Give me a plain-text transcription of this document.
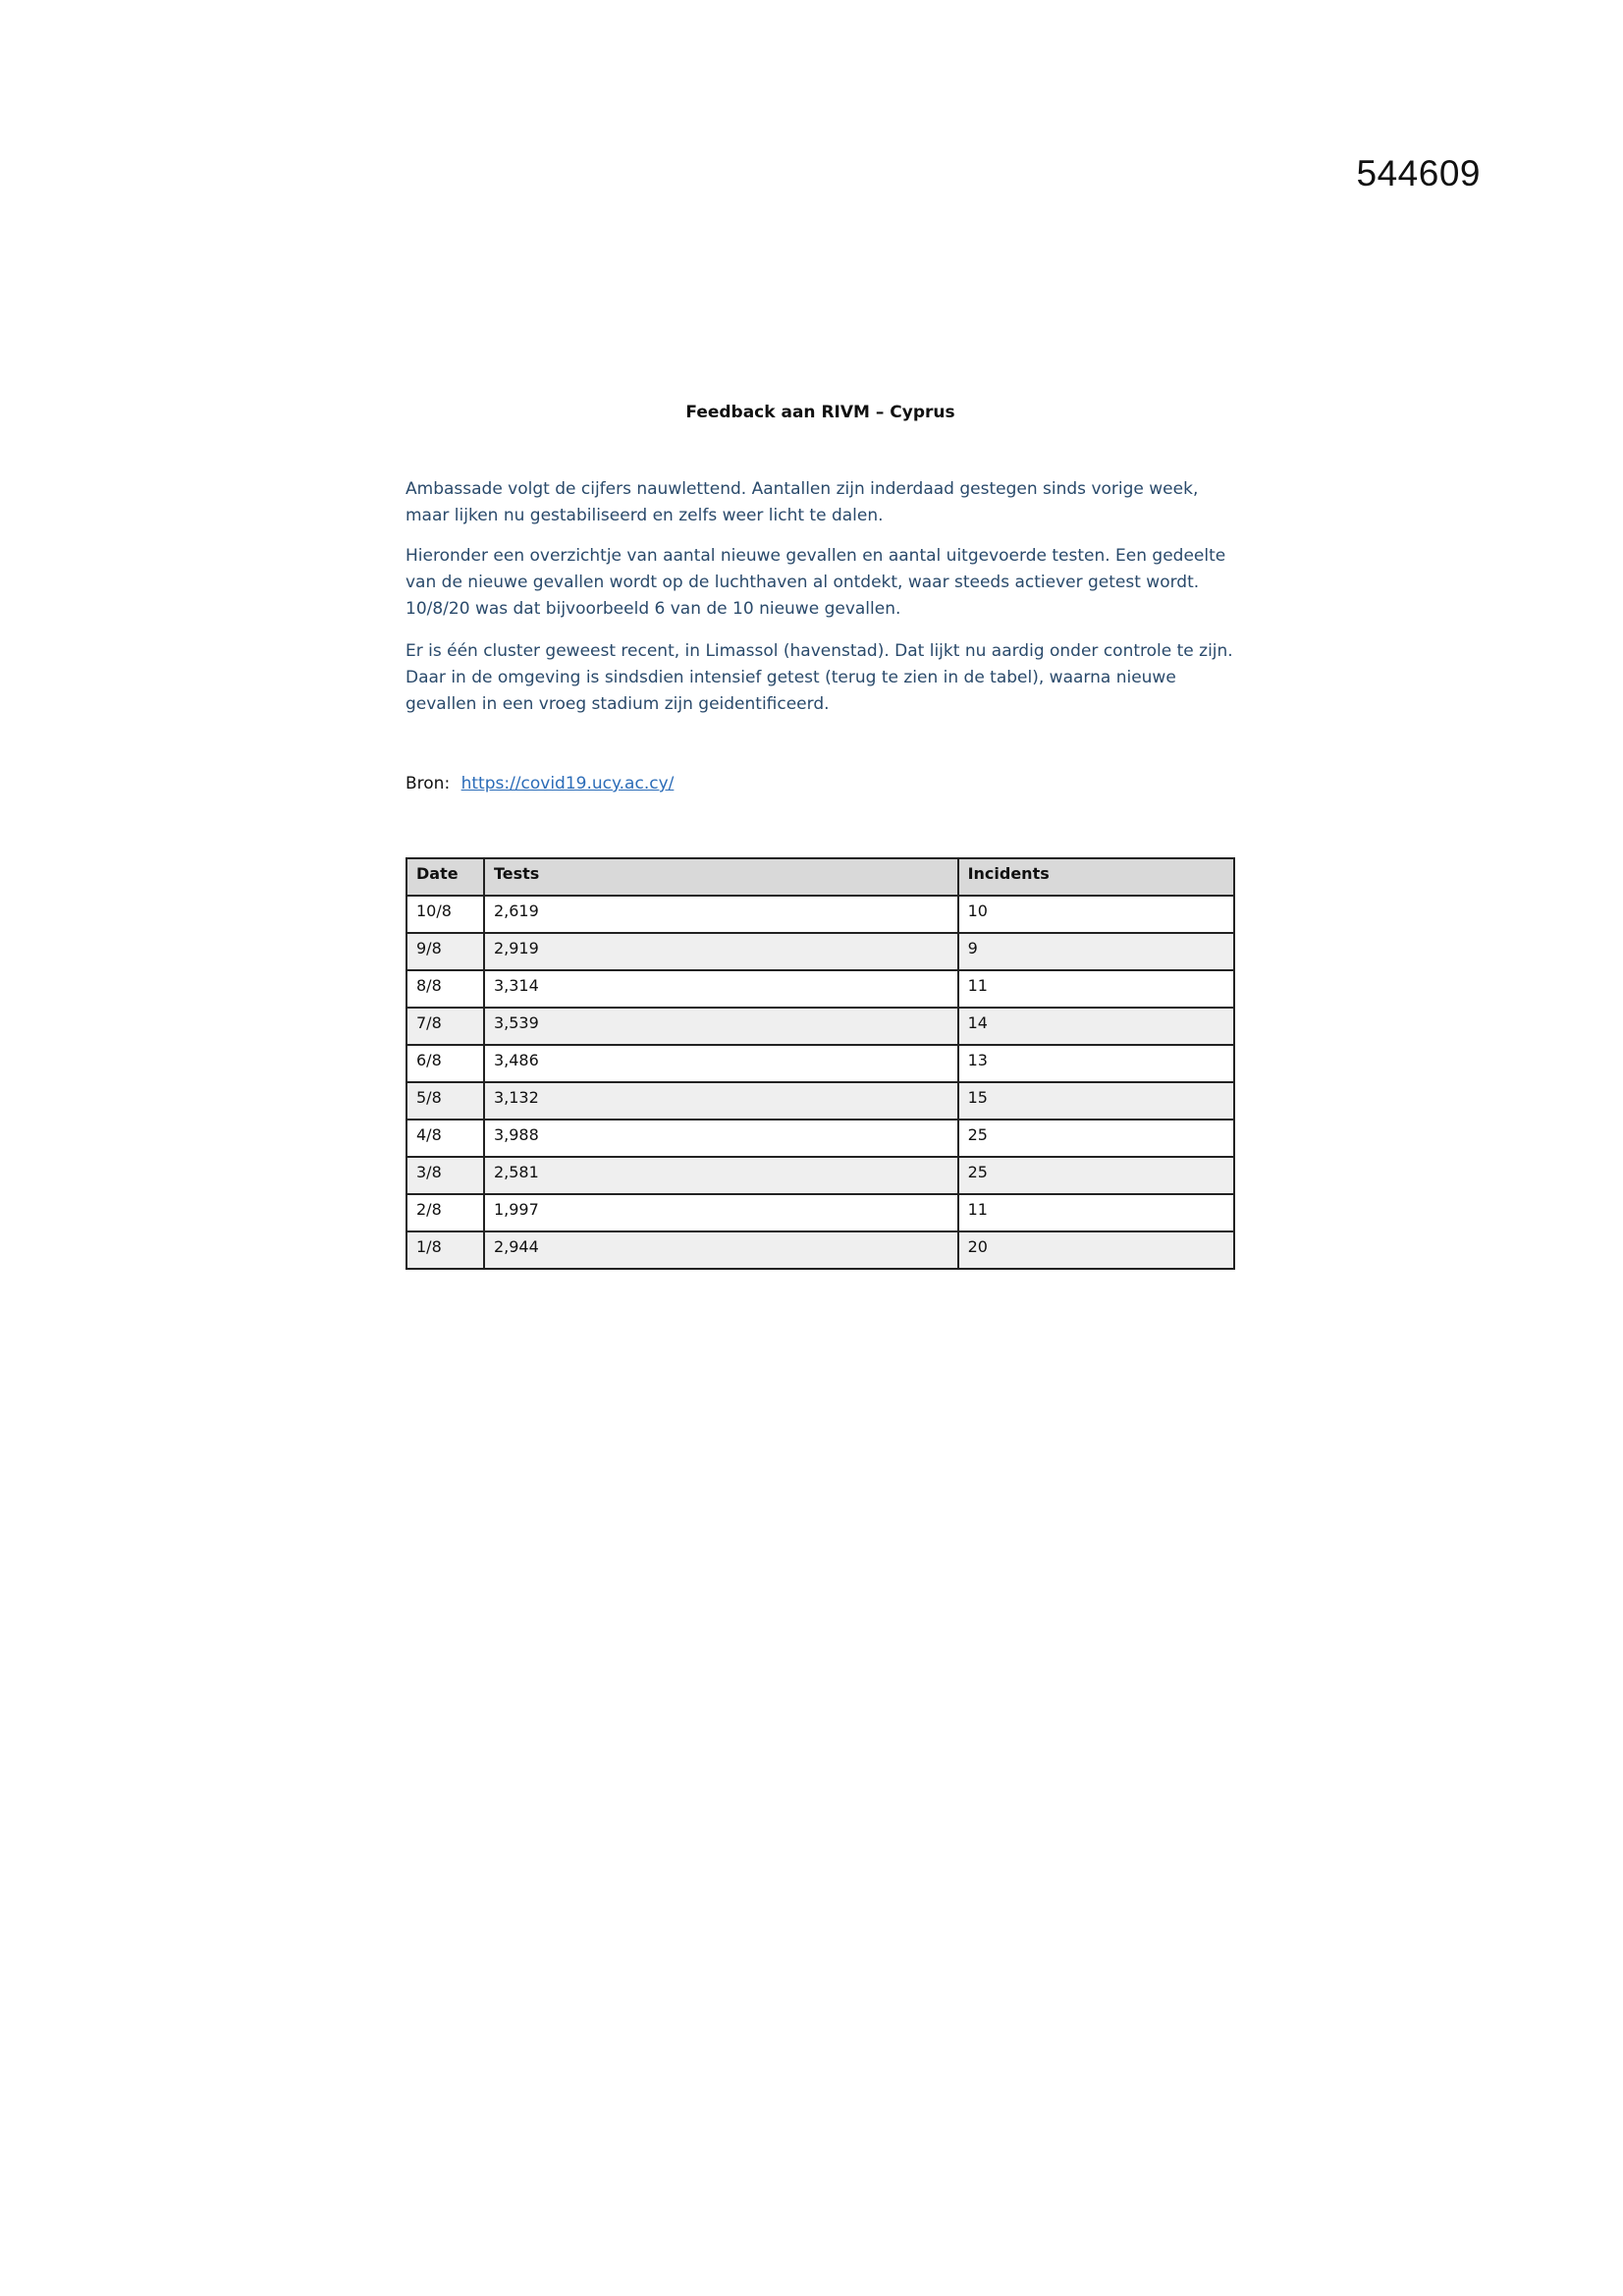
544609
Feedback aan RIVM – Cyprus
Ambassade volgt de cijfers nauwlettend. Aantallen zijn inderdaad gestegen sinds vorige week, maar lijken nu gestabiliseerd en zelfs weer licht te dalen.
Hieronder een overzichtje van aantal nieuwe gevallen en aantal uitgevoerde testen. Een gedeelte van de nieuwe gevallen wordt op de luchthaven al ontdekt, waar steeds actiever getest wordt. 10/8/20 was dat bijvoorbeeld 6 van de 10 nieuwe gevallen.
Er is één cluster geweest recent, in Limassol (havenstad). Dat lijkt nu aardig onder controle te zijn. Daar in de omgeving is sindsdien intensief getest (terug te zien in de tabel), waarna nieuwe gevallen in een vroeg stadium zijn geidentificeerd.
Bron: https://covid19.ucy.ac.cy/
Date	Tests	Incidents
10/8	2,619	10
9/8	2,919	9
8/8	3,314	11
7/8	3,539	14
6/8	3,486	13
5/8	3,132	15
4/8	3,988	25
3/8	2,581	25
2/8	1,997	11
1/8	2,944	20
